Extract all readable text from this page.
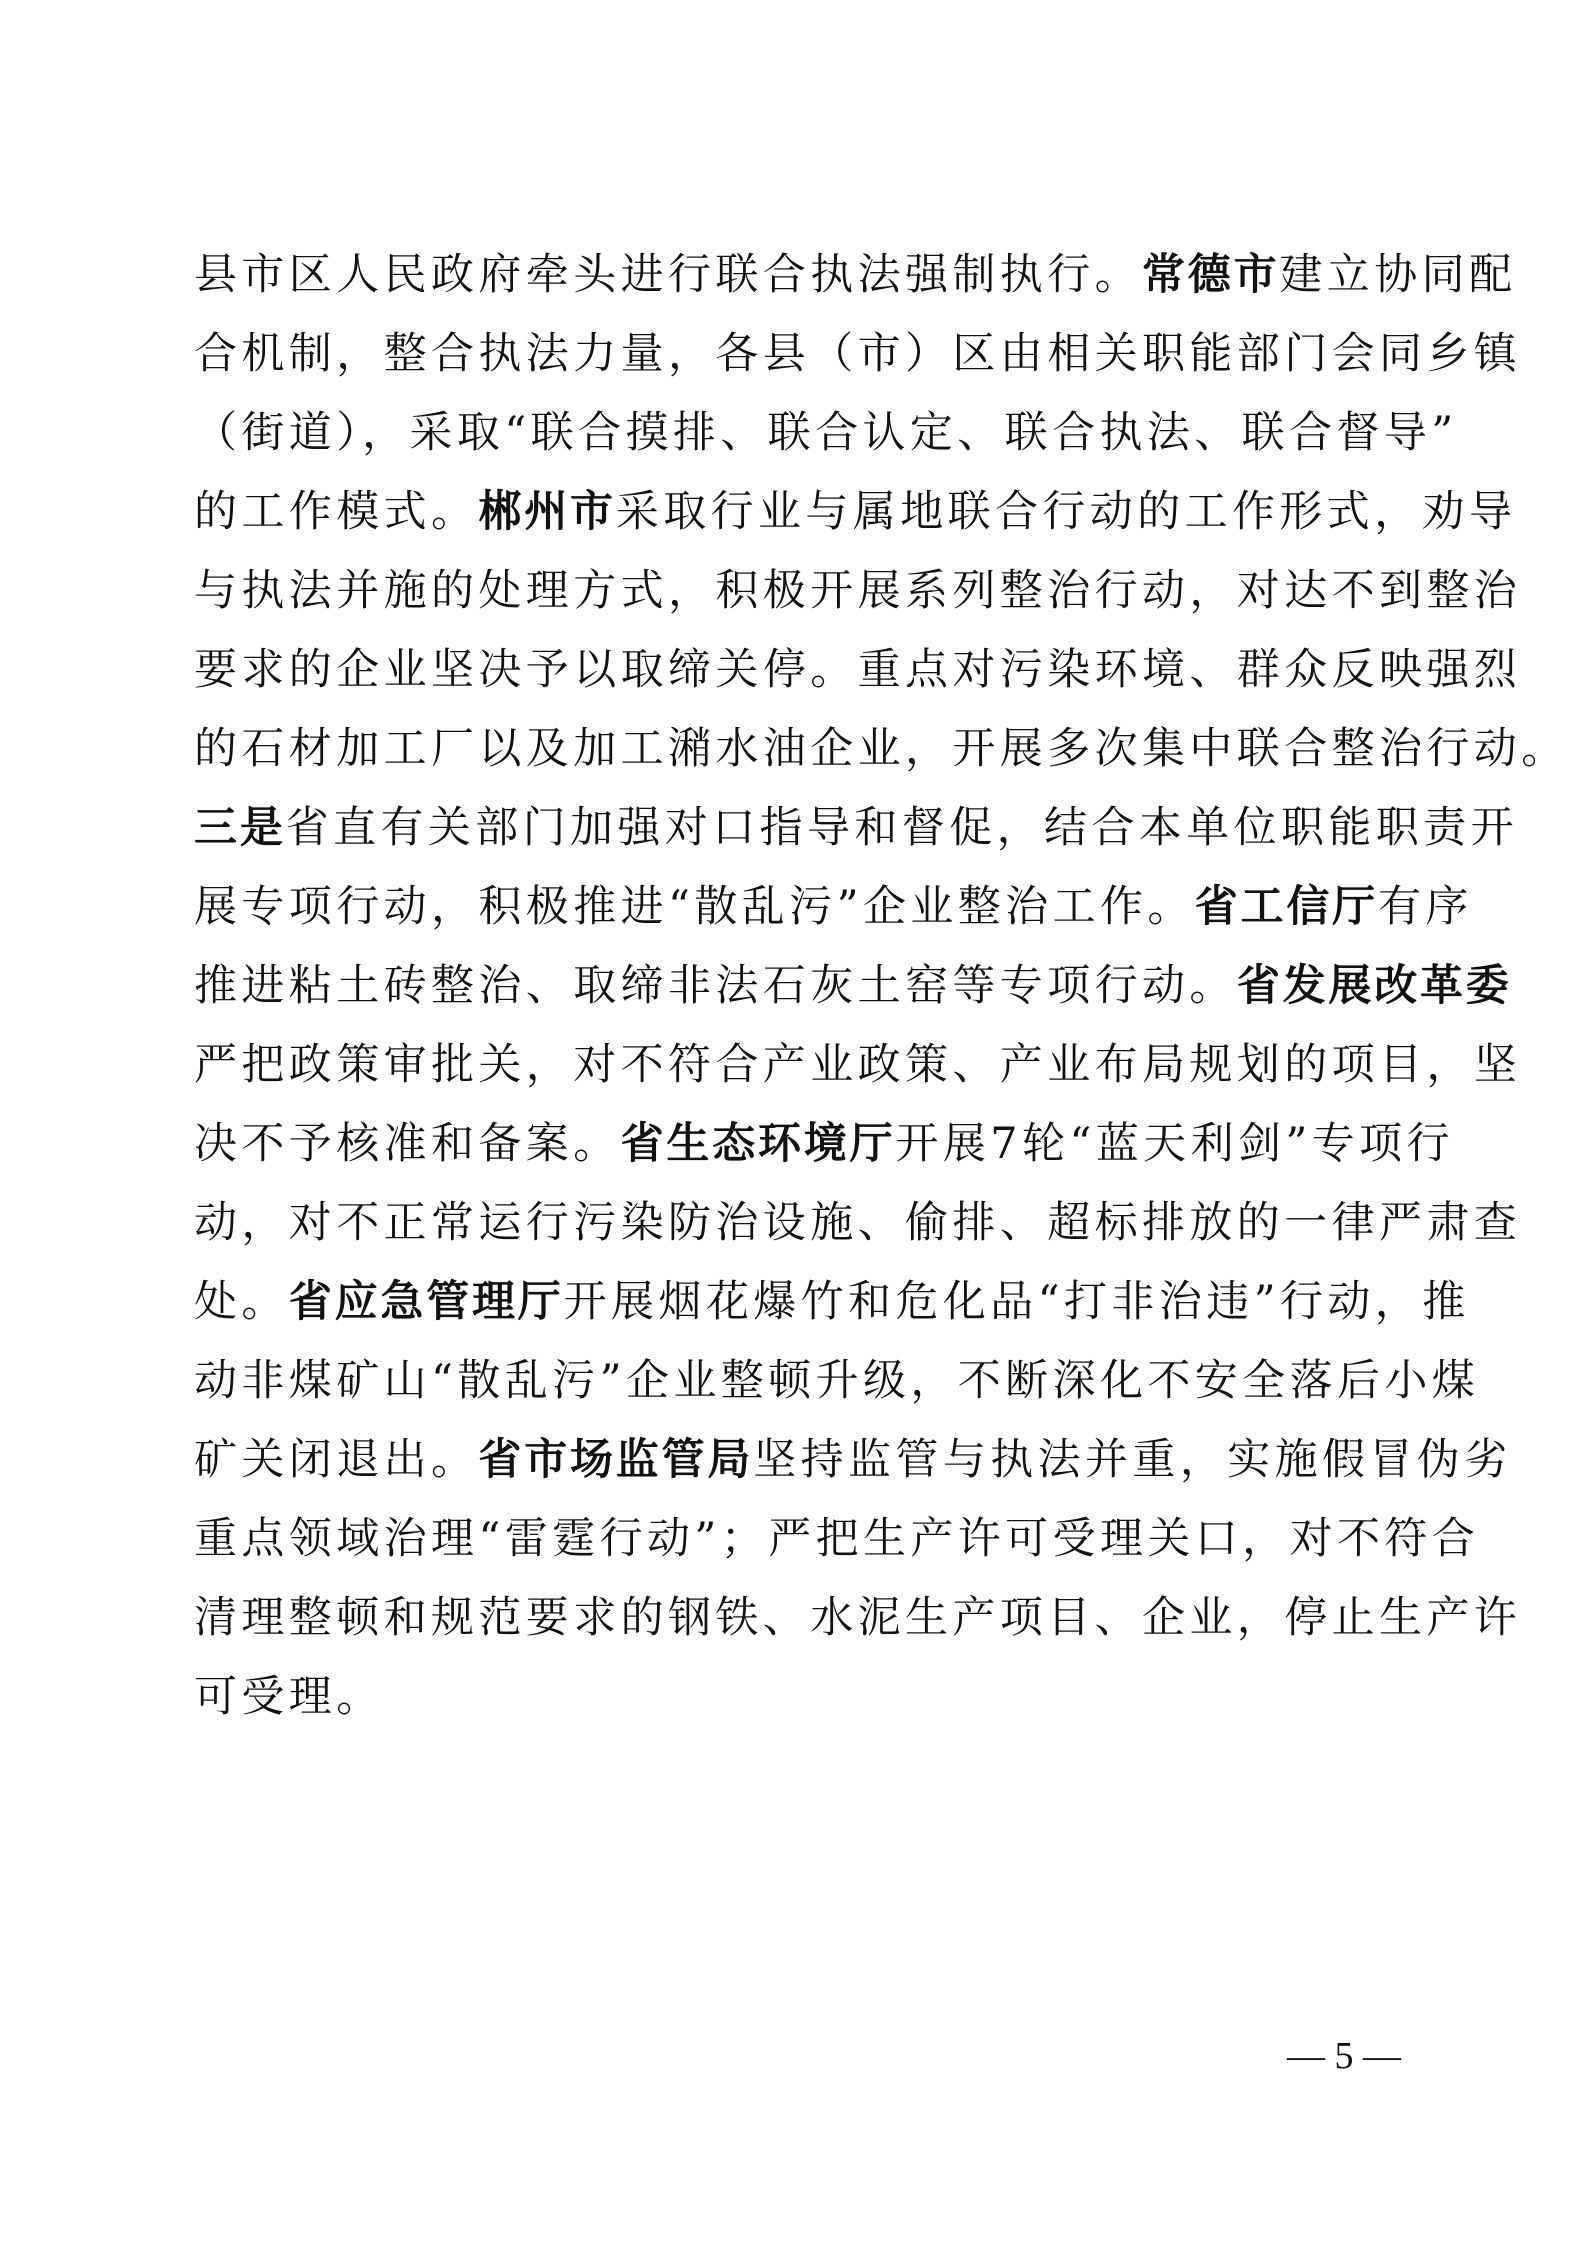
县市区人民政府牵头进行联合执法强制执行。常德市建立协同配
合机制，整合执法力量，各县（市）区由相关职能部门会同乡镇
（街道），采取“联合摸排、联合认定、联合执法、联合督导”
的工作模式。郴州市采取行业与属地联合行动的工作形式，劝导
与执法并施的处理方式，积极开展系列整治行动，对达不到整治
要求的企业坚决予以取缔关停。重点对污染环境、群众反映强烈
的石材加工厂以及加工潲水油企业，开展多次集中联合整治行动。
三是省直有关部门加强对口指导和督促，结合本单位职能职责开
展专项行动，积极推进“散乱污”企业整治工作。省工信厅有序
推进粘土砖整治、取缔非法石灰土窑等专项行动。省发展改革委
严把政策审批关，对不符合产业政策、产业布局规划的项目，坚
决不予核准和备案。省生态环境厅开展7轮“蓝天利剑”专项行
动，对不正常运行污染防治设施、偷排、超标排放的一律严肃查
处。省应急管理厅开展烟花爆竹和危化品“打非治违”行动，推
动非煤矿山“散乱污”企业整顿升级，不断深化不安全落后小煤
矿关闭退出。省市场监管局坚持监管与执法并重，实施假冒伪劣
重点领域治理“雷霆行动”；严把生产许可受理关口，对不符合
清理整顿和规范要求的钢铁、水泥生产项目、企业，停止生产许
可受理。
— 5 —
